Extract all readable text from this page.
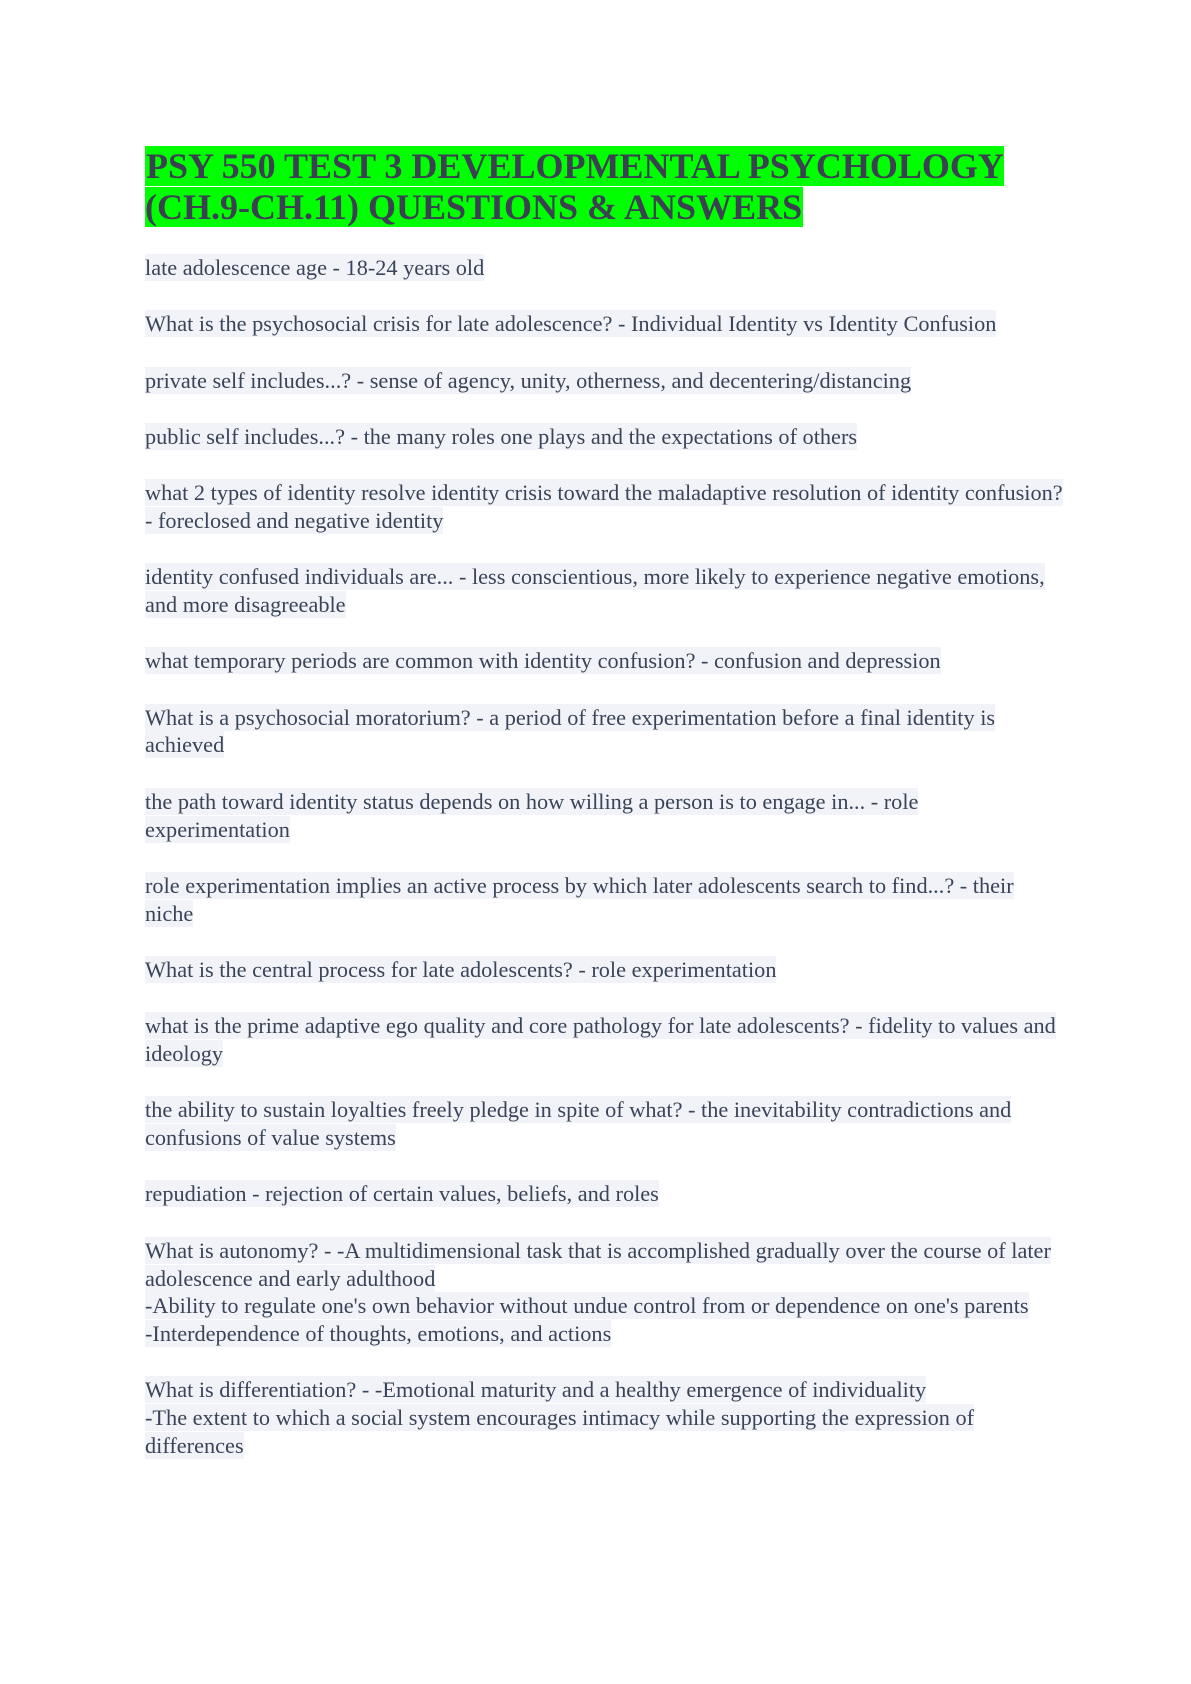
PSY 550 TEST 3 DEVELOPMENTAL PSYCHOLOGY (CH.9-CH.11) QUESTIONS & ANSWERS

late adolescence age - 18-24 years old

What is the psychosocial crisis for late adolescence? - Individual Identity vs Identity Confusion

private self includes...? - sense of agency, unity, otherness, and decentering/distancing

public self includes...? - the many roles one plays and the expectations of others

what 2 types of identity resolve identity crisis toward the maladaptive resolution of identity confusion? - foreclosed and negative identity

identity confused individuals are... - less conscientious, more likely to experience negative emotions, and more disagreeable

what temporary periods are common with identity confusion? - confusion and depression

What is a psychosocial moratorium? - a period of free experimentation before a final identity is achieved

the path toward identity status depends on how willing a person is to engage in... - role experimentation

role experimentation implies an active process by which later adolescents search to find...? - their niche

What is the central process for late adolescents? - role experimentation

what is the prime adaptive ego quality and core pathology for late adolescents? - fidelity to values and ideology

the ability to sustain loyalties freely pledge in spite of what? - the inevitability contradictions and confusions of value systems

repudiation - rejection of certain values, beliefs, and roles

What is autonomy? - -A multidimensional task that is accomplished gradually over the course of later adolescence and early adulthood
-Ability to regulate one's own behavior without undue control from or dependence on one's parents
-Interdependence of thoughts, emotions, and actions

What is differentiation? - -Emotional maturity and a healthy emergence of individuality
-The extent to which a social system encourages intimacy while supporting the expression of differences
